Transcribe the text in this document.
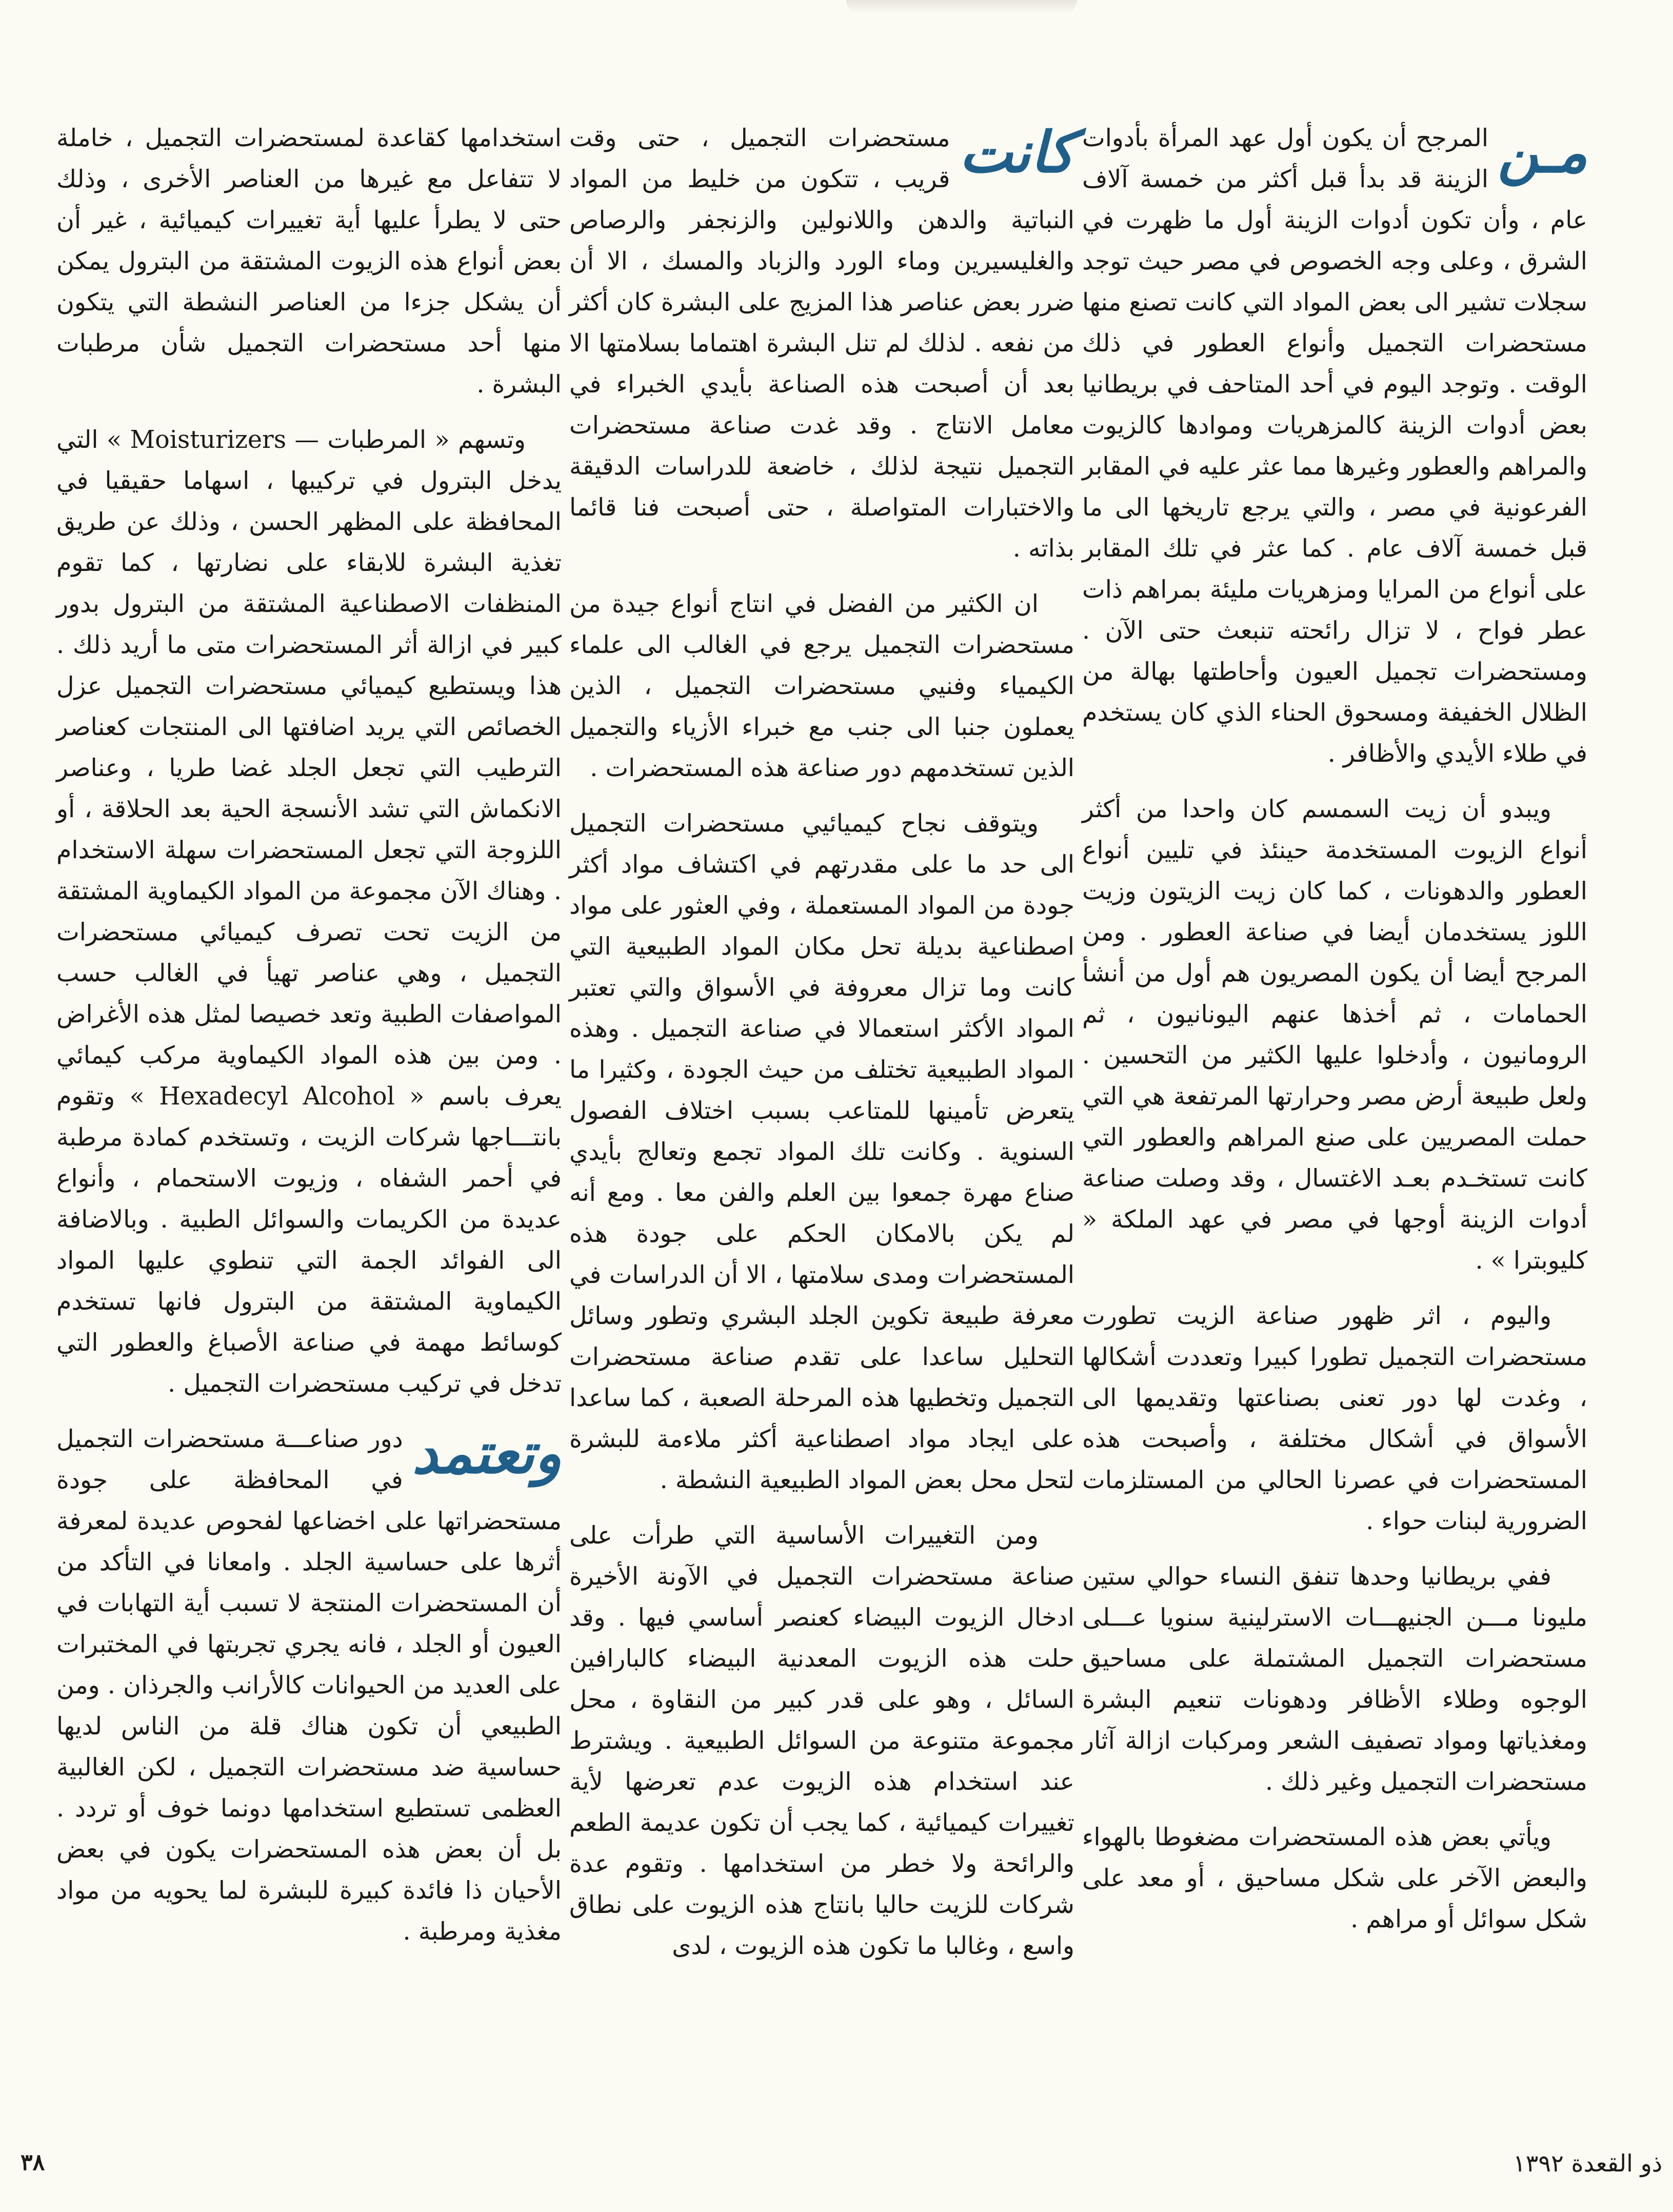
مـن
المرجح أن يكون أول عهد المرأة بأدوات الزينة قد بدأ قبل أكثر من خمسة آلاف عام ، وأن تكون أدوات الزينة أول ما ظهرت في الشرق ، وعلى وجه الخصوص في مصر حيث توجد سجلات تشير الى بعض المواد التي كانت تصنع منها مستحضرات التجميل وأنواع العطور في ذلك الوقت . وتوجد اليوم في أحد المتاحف في بريطانيا بعض أدوات الزينة كالمزهريات وموادها كالزيوت والمراهم والعطور وغيرها مما عثر عليه في المقابر الفرعونية في مصر ، والتي يرجع تاريخها الى ما قبل خمسة آلاف عام . كما عثر في تلك المقابر على أنواع من المرايا ومزهريات مليئة بمراهم ذات عطر فواح ، لا تزال رائحته تنبعث حتى الآن . ومستحضرات تجميل العيون وأحاطتها بهالة من الظلال الخفيفة ومسحوق الحناء الذي كان يستخدم في طلاء الأيدي والأظافر .

ويبدو أن زيت السمسم كان واحدا من أكثر أنواع الزيوت المستخدمة حينئذ في تليين أنواع العطور والدهونات ، كما كان زيت الزيتون وزيت اللوز يستخدمان أيضا في صناعة العطور . ومن المرجح أيضا أن يكون المصريون هم أول من أنشأ الحمامات ، ثم أخذها عنهم اليونانيون ، ثم الرومانيون ، وأدخلوا عليها الكثير من التحسين . ولعل طبيعة أرض مصر وحرارتها المرتفعة هي التي حملت المصريين على صنع المراهم والعطور التي كانت تستخـدم بعـد الاغتسال ، وقد وصلت صناعة أدوات الزينة أوجها في مصر في عهد الملكة « كليوبترا » .

واليوم ، اثر ظهور صناعة الزيت تطورت مستحضرات التجميل تطورا كبيرا وتعددت أشكالها ، وغدت لها دور تعنى بصناعتها وتقديمها الى الأسواق في أشكال مختلفة ، وأصبحت هذه المستحضرات في عصرنا الحالي من المستلزمات الضرورية لبنات حواء .

ففي بريطانيا وحدها تنفق النساء حوالي ستين مليونا مـــن الجنيهـــات الاسترلينية سنويا عـــلى مستحضرات التجميل المشتملة على مساحيق الوجوه وطلاء الأظافر ودهونات تنعيم البشرة ومغذياتها ومواد تصفيف الشعر ومركبات ازالة آثار مستحضرات التجميل وغير ذلك .

ويأتي بعض هذه المستحضرات مضغوطا بالهواء والبعض الآخر على شكل مساحيق ، أو معد على شكل سوائل أو مراهم .

كانت
مستحضرات التجميل ، حتى وقت قريب ، تتكون من خليط من المواد النباتية والدهن واللانولين والزنجفر والرصاص والغليسيرين وماء الورد والزباد والمسك ، الا أن ضرر بعض عناصر هذا المزيج على البشرة كان أكثر من نفعه . لذلك لم تنل البشرة اهتماما بسلامتها الا بعد أن أصبحت هذه الصناعة بأيدي الخبراء في معامل الانتاج . وقد غدت صناعة مستحضرات التجميل نتيجة لذلك ، خاضعة للدراسات الدقيقة والاختبارات المتواصلة ، حتى أصبحت فنا قائما بذاته .

ان الكثير من الفضل في انتاج أنواع جيدة من مستحضرات التجميل يرجع في الغالب الى علماء الكيمياء وفنيي مستحضرات التجميل ، الذين يعملون جنبا الى جنب مع خبراء الأزياء والتجميل الذين تستخدمهم دور صناعة هذه المستحضرات .

ويتوقف نجاح كيميائيي مستحضرات التجميل الى حد ما على مقدرتهم في اكتشاف مواد أكثر جودة من المواد المستعملة ، وفي العثور على مواد اصطناعية بديلة تحل مكان المواد الطبيعية التي كانت وما تزال معروفة في الأسواق والتي تعتبر المواد الأكثر استعمالا في صناعة التجميل . وهذه المواد الطبيعية تختلف من حيث الجودة ، وكثيرا ما يتعرض تأمينها للمتاعب بسبب اختلاف الفصول السنوية . وكانت تلك المواد تجمع وتعالج بأيدي صناع مهرة جمعوا بين العلم والفن معا . ومع أنه لم يكن بالامكان الحكم على جودة هذه المستحضرات ومدى سلامتها ، الا أن الدراسات في معرفة طبيعة تكوين الجلد البشري وتطور وسائل التحليل ساعدا على تقدم صناعة مستحضرات التجميل وتخطيها هذه المرحلة الصعبة ، كما ساعدا على ايجاد مواد اصطناعية أكثر ملاءمة للبشرة لتحل محل بعض المواد الطبيعية النشطة .

ومن التغييرات الأساسية التي طرأت على صناعة مستحضرات التجميل في الآونة الأخيرة ادخال الزيوت البيضاء كعنصر أساسي فيها . وقد حلت هذه الزيوت المعدنية البيضاء كالبارافين السائل ، وهو على قدر كبير من النقاوة ، محل مجموعة متنوعة من السوائل الطبيعية . ويشترط عند استخدام هذه الزيوت عدم تعرضها لأية تغييرات كيميائية ، كما يجب أن تكون عديمة الطعم والرائحة ولا خطر من استخدامها . وتقوم عدة شركات للزيت حاليا بانتاج هذه الزيوت على نطاق واسع ، وغالبا ما تكون هذه الزيوت ، لدى

استخدامها كقاعدة لمستحضرات التجميل ، خاملة لا تتفاعل مع غيرها من العناصر الأخرى ، وذلك حتى لا يطرأ عليها أية تغييرات كيميائية ، غير أن بعض أنواع هذه الزيوت المشتقة من البترول يمكن أن يشكل جزءا من العناصر النشطة التي يتكون منها أحد مستحضرات التجميل شأن مرطبات البشرة .

وتسهم « المرطبات — Moisturizers » التي يدخل البترول في تركيبها ، اسهاما حقيقيا في المحافظة على المظهر الحسن ، وذلك عن طريق تغذية البشرة للابقاء على نضارتها ، كما تقوم المنظفات الاصطناعية المشتقة من البترول بدور كبير في ازالة أثر المستحضرات متى ما أريد ذلك . هذا ويستطيع كيميائي مستحضرات التجميل عزل الخصائص التي يريد اضافتها الى المنتجات كعناصر الترطيب التي تجعل الجلد غضا طريا ، وعناصر الانكماش التي تشد الأنسجة الحية بعد الحلاقة ، أو اللزوجة التي تجعل المستحضرات سهلة الاستخدام . وهناك الآن مجموعة من المواد الكيماوية المشتقة من الزيت تحت تصرف كيميائي مستحضرات التجميل ، وهي عناصر تهيأ في الغالب حسب المواصفات الطبية وتعد خصيصا لمثل هذه الأغراض . ومن بين هذه المواد الكيماوية مركب كيمائي يعرف باسم « Hexadecyl Alcohol » وتقوم بانتـــاجها شركات الزيت ، وتستخدم كمادة مرطبة في أحمر الشفاه ، وزيوت الاستحمام ، وأنواع عديدة من الكريمات والسوائل الطبية . وبالاضافة الى الفوائد الجمة التي تنطوي عليها المواد الكيماوية المشتقة من البترول فانها تستخدم كوسائط مهمة في صناعة الأصباغ والعطور التي تدخل في تركيب مستحضرات التجميل .

وتعتمد
دور صناعـــة مستحضرات التجميل في المحافظة على جودة مستحضراتها على اخضاعها لفحوص عديدة لمعرفة أثرها على حساسية الجلد . وامعانا في التأكد من أن المستحضرات المنتجة لا تسبب أية التهابات في العيون أو الجلد ، فانه يجري تجربتها في المختبرات على العديد من الحيوانات كالأرانب والجرذان . ومن الطبيعي أن تكون هناك قلة من الناس لديها حساسية ضد مستحضرات التجميل ، لكن الغالبية العظمى تستطيع استخدامها دونما خوف أو تردد . بل أن بعض هذه المستحضرات يكون في بعض الأحيان ذا فائدة كبيرة للبشرة لما يحويه من مواد مغذية ومرطبة .

٣٨	ذو القعدة ١٣٩٢
